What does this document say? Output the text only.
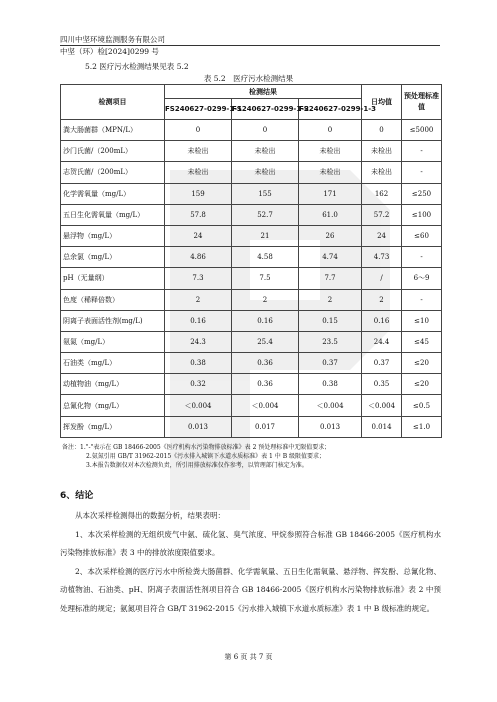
四川中坚环境监测服务有限公司
中坚（环）检[2024]0299 号
5.2 医疗污水检测结果见表 5.2
表 5.2　医疗污水检测结果
检测项目	检测结果			日均值	预处理标准值
	FS240627-0299-1-1	FS240627-0299-1-2	FS240627-0299-1-3		
粪大肠菌群（MPN/L）	0	0	0	0	≤5000
沙门氏菌/（200mL）	未检出	未检出	未检出	未检出	-
志贺氏菌/（200mL）	未检出	未检出	未检出	未检出	-
化学需氧量（mg/L）	159	155	171	162	≤250
五日生化需氧量（mg/L）	57.8	52.7	61.0	57.2	≤100
悬浮物（mg/L）	24	21	26	24	≤60
总余氯（mg/L）	4.86	4.58	4.74	4.73	-
pH（无量纲）	7.3	7.5	7.7	/	6～9
色度（稀释倍数）	2	2	2	2	-
阴离子表面活性剂(mg/L)	0.16	0.16	0.15	0.16	≤10
氨氮（mg/L）	24.3	25.4	23.5	24.4	≤45
石油类（mg/L）	0.38	0.36	0.37	0.37	≤20
动植物油（mg/L）	0.32	0.36	0.38	0.35	≤20
总氰化物（mg/L）	＜0.004	＜0.004	＜0.004	＜0.004	≤0.5
挥发酚（mg/L）	0.013	0.017	0.013	0.014	≤1.0
备注：1."-"表示在 GB 18466-2005《医疗机构水污染物排放标准》表 2 预处理标准中无限值要求；
2.氨氮引用 GB/T 31962-2015《污水排入城镇下水道水质标准》表 1 中 B 级限值要求；
3.本报告数据仅对本次检测负责，所引用排放标准仅作参考，以管理部门核定为准。
6、结论

从本次采样检测得出的数据分析，结果表明：

1、本次采样检测的无组织废气中氨、硫化氢、臭气浓度、甲烷参照符合标准 GB 18466-2005《医疗机构水污染物排放标准》表 3 中的排放浓度限值要求。

2、本次采样检测的医疗污水中所检粪大肠菌群、化学需氧量、五日生化需氧量、悬浮物、挥发酚、总氰化物、动植物油、石油类、pH、阴离子表面活性剂项目符合 GB 18466-2005《医疗机构水污染物排放标准》表 2 中预处理标准的规定；氨氮项目符合 GB/T 31962-2015《污水排入城镇下水道水质标准》表 1 中 B 级标准的规定。

第 6 页 共 7 页
